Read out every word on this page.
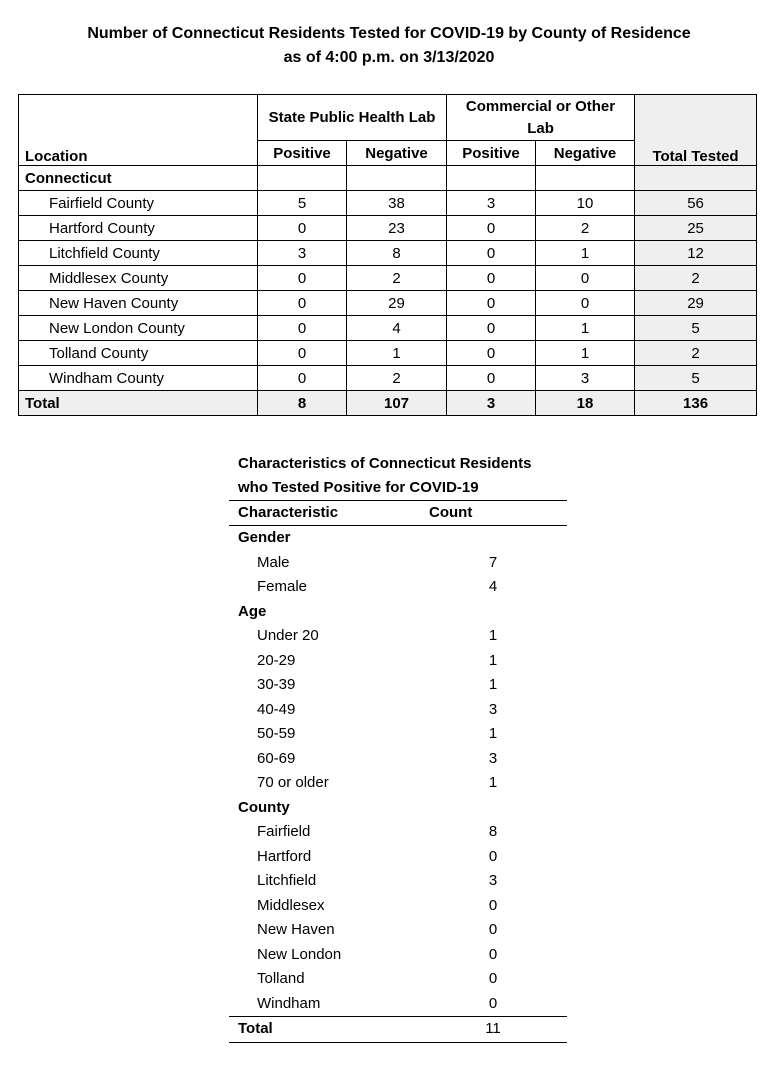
Number of Connecticut Residents Tested for COVID-19 by County of Residence
as of 4:00 p.m. on 3/13/2020
	State Public Health Lab		Commercial or Other Lab		
Location	Positive	Negative	Positive	Negative	Total Tested
Connecticut					
Fairfield County	5	38	3	10	56
Hartford County	0	23	0	2	25
Litchfield County	3	8	0	1	12
Middlesex County	0	2	0	0	2
New Haven County	0	29	0	0	29
New London County	0	4	0	1	5
Tolland County	0	1	0	1	2
Windham County	0	2	0	3	5
Total	8	107	3	18	136
Characteristics of Connecticut Residents
who Tested Positive for COVID-19
Characteristic	Count
Gender
Male	7
Female	4
Age
Under 20	1
20-29	1
30-39	1
40-49	3
50-59	1
60-69	3
70 or older	1
County
Fairfield	8
Hartford	0
Litchfield	3
Middlesex	0
New Haven	0
New London	0
Tolland	0
Windham	0
Total	11
